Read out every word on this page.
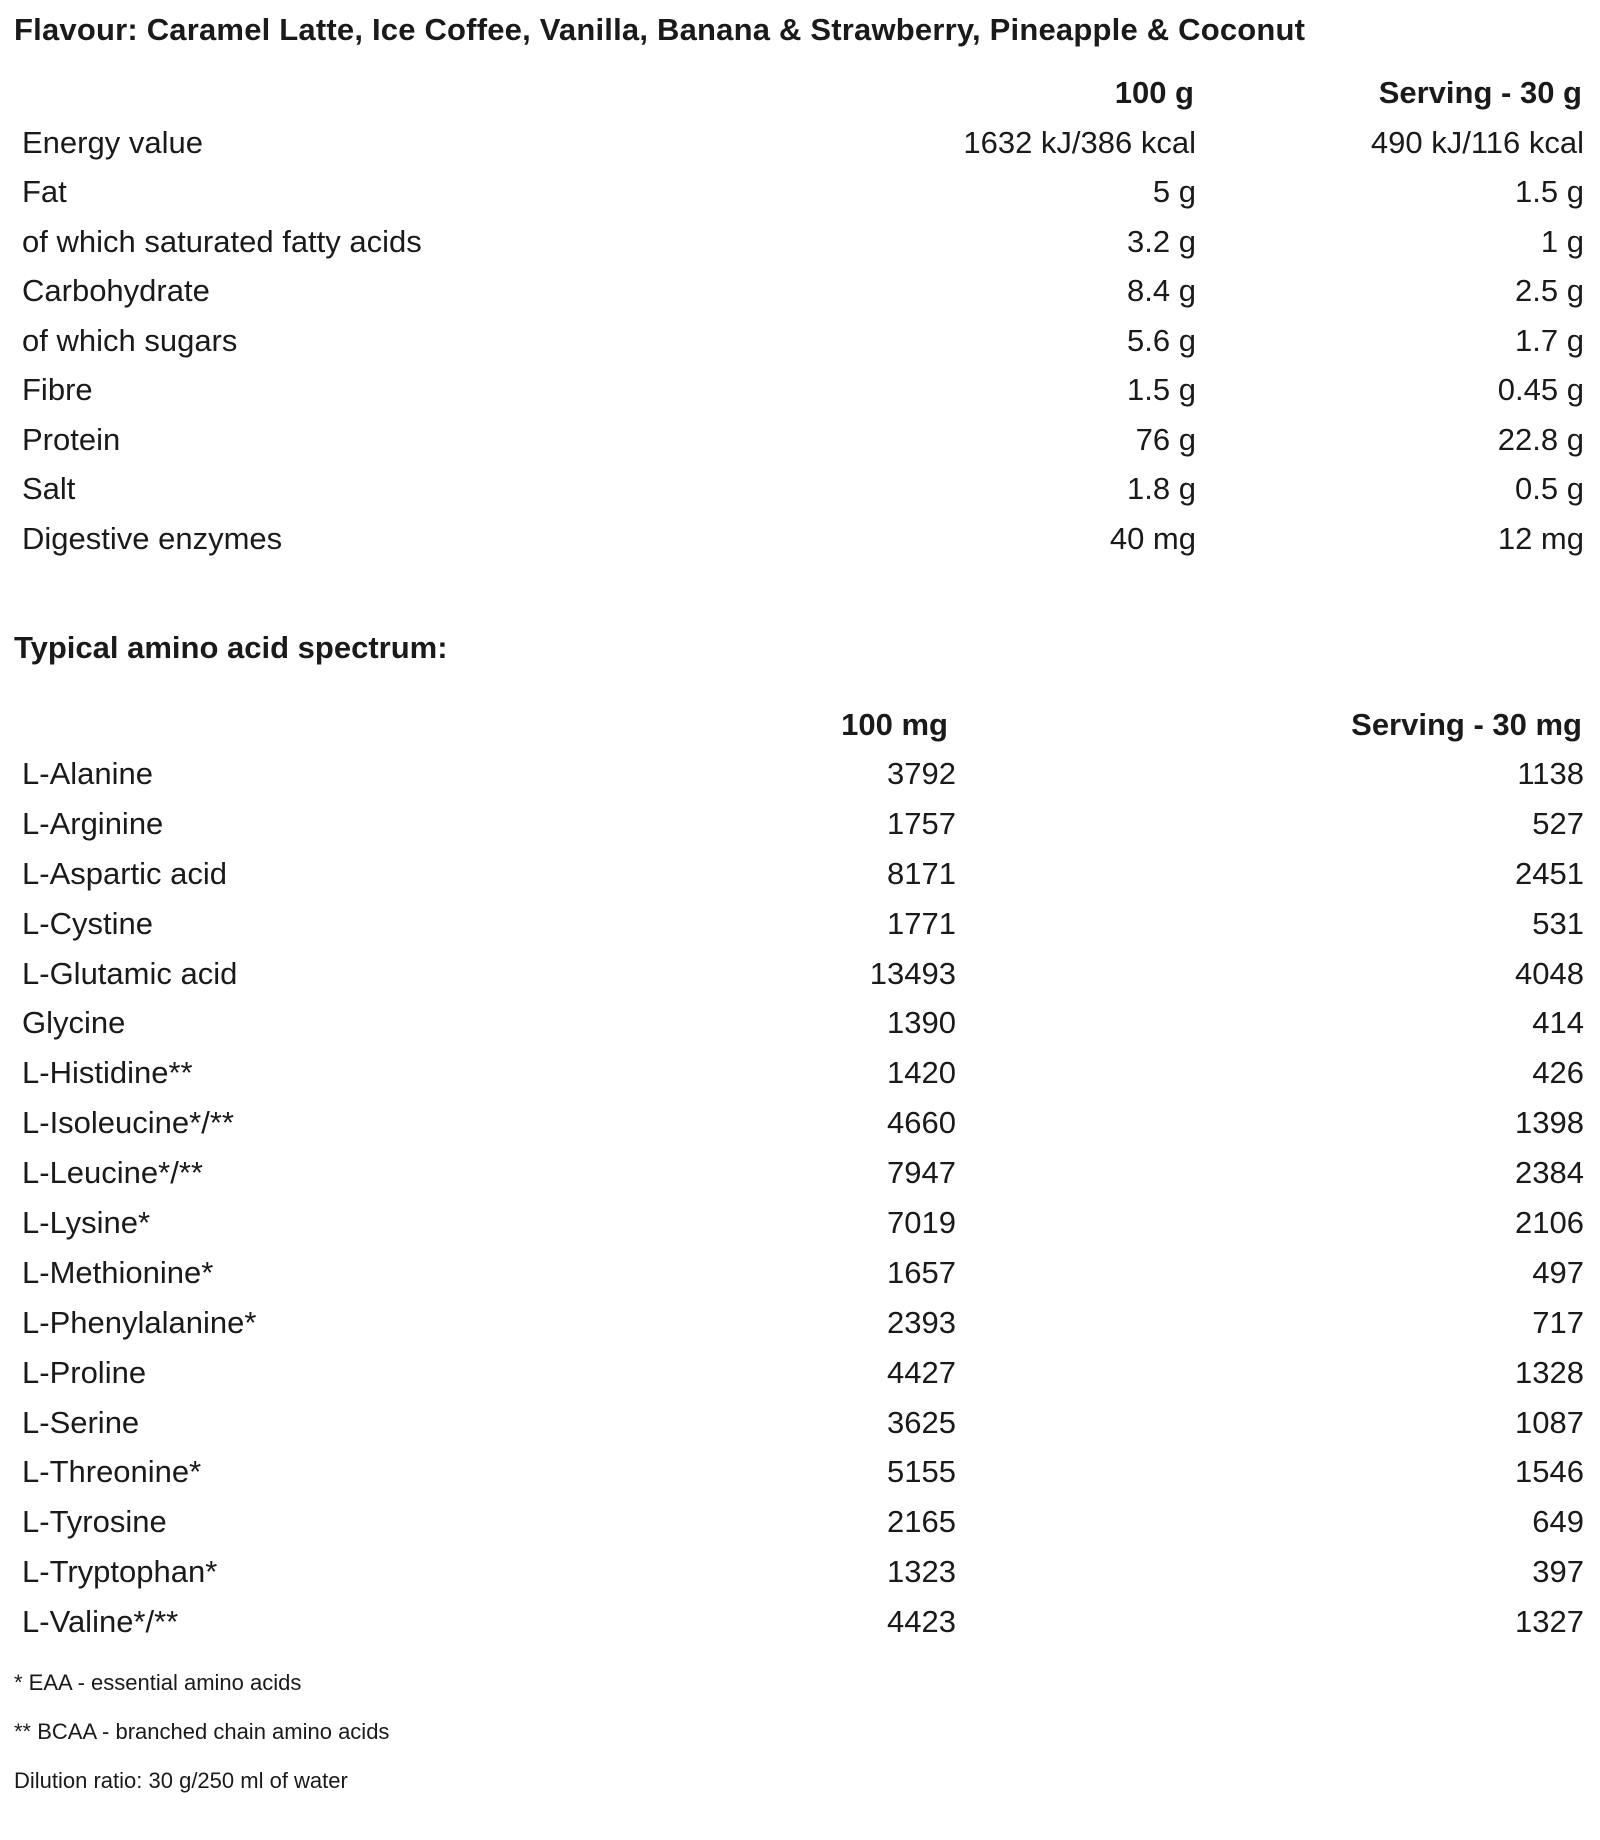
Flavour: Caramel Latte, Ice Coffee, Vanilla, Banana & Strawberry, Pineapple & Coconut
	100 g	Serving - 30 g
Energy value	1632 kJ/386 kcal	490 kJ/116 kcal
Fat	5 g	1.5 g
of which saturated fatty acids	3.2 g	1 g
Carbohydrate	8.4 g	2.5 g
of which sugars	5.6 g	1.7 g
Fibre	1.5 g	0.45 g
Protein	76 g	22.8 g
Salt	1.8 g	0.5 g
Digestive enzymes	40 mg	12 mg
Typical amino acid spectrum:
	100 mg	Serving - 30 mg
L-Alanine	3792	1138
L-Arginine	1757	527
L-Aspartic acid	8171	2451
L-Cystine	1771	531
L-Glutamic acid	13493	4048
Glycine	1390	414
L-Histidine**	1420	426
L-Isoleucine*/**	4660	1398
L-Leucine*/**	7947	2384
L-Lysine*	7019	2106
L-Methionine*	1657	497
L-Phenylalanine*	2393	717
L-Proline	4427	1328
L-Serine	3625	1087
L-Threonine*	5155	1546
L-Tyrosine	2165	649
L-Tryptophan*	1323	397
L-Valine*/**	4423	1327
* EAA - essential amino acids
** BCAA - branched chain amino acids
Dilution ratio: 30 g/250 ml of water
